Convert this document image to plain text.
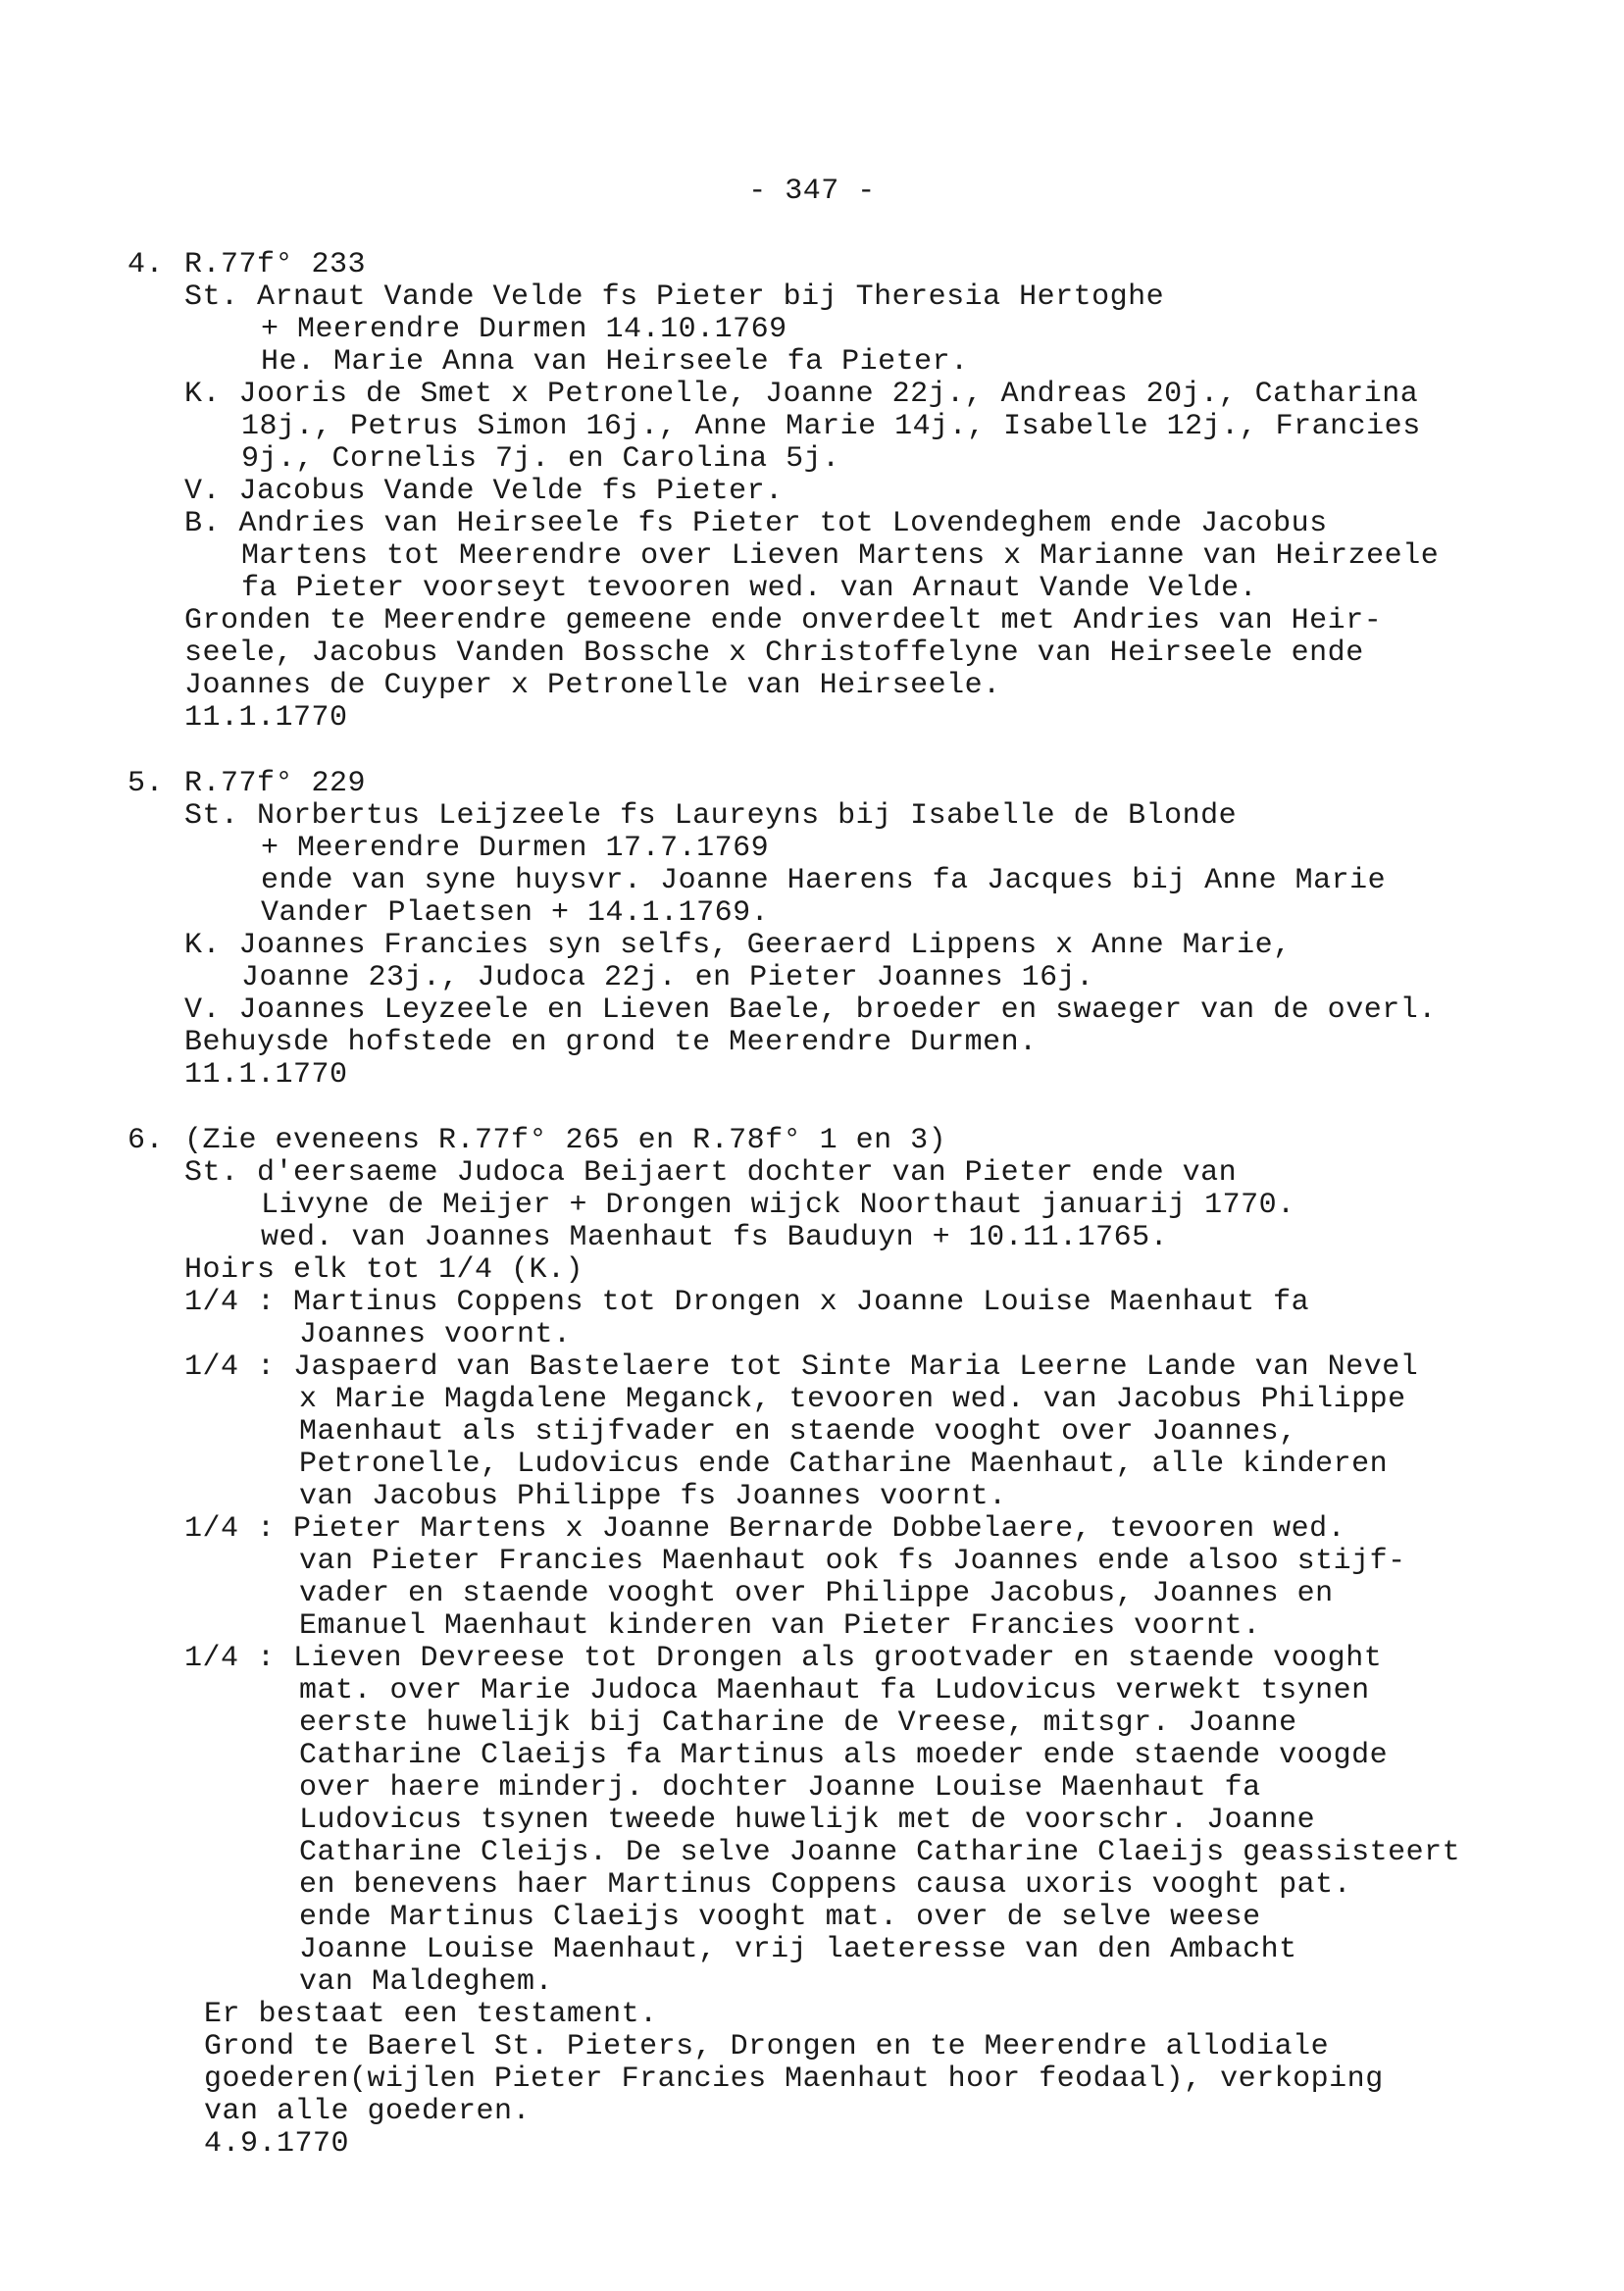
- 347 -
4. R.77f° 233
St. Arnaut Vande Velde fs Pieter bij Theresia Hertoghe
+ Meerendre Durmen 14.10.1769
He. Marie Anna van Heirseele fa Pieter.
K. Jooris de Smet x Petronelle, Joanne 22j., Andreas 20j., Catharina
18j., Petrus Simon 16j., Anne Marie 14j., Isabelle 12j., Francies
9j., Cornelis 7j. en Carolina 5j.
V. Jacobus Vande Velde fs Pieter.
B. Andries van Heirseele fs Pieter tot Lovendeghem ende Jacobus
Martens tot Meerendre over Lieven Martens x Marianne van Heirzeele
fa Pieter voorseyt tevooren wed. van Arnaut Vande Velde.
Gronden te Meerendre gemeene ende onverdeelt met Andries van Heir-
seele, Jacobus Vanden Bossche x Christoffelyne van Heirseele ende
Joannes de Cuyper x Petronelle van Heirseele.
11.1.1770
5. R.77f° 229
St. Norbertus Leijzeele fs Laureyns bij Isabelle de Blonde
+ Meerendre Durmen 17.7.1769
ende van syne huysvr. Joanne Haerens fa Jacques bij Anne Marie
Vander Plaetsen + 14.1.1769.
K. Joannes Francies syn selfs, Geeraerd Lippens x Anne Marie,
Joanne 23j., Judoca 22j. en Pieter Joannes 16j.
V. Joannes Leyzeele en Lieven Baele, broeder en swaeger van de overl.
Behuysde hofstede en grond te Meerendre Durmen.
11.1.1770
6. (Zie eveneens R.77f° 265 en R.78f° 1 en 3)
St. d'eersaeme Judoca Beijaert dochter van Pieter ende van
Livyne de Meijer + Drongen wijck Noorthaut januarij 1770.
wed. van Joannes Maenhaut fs Bauduyn + 10.11.1765.
Hoirs elk tot 1/4 (K.)
1/4 : Martinus Coppens tot Drongen x Joanne Louise Maenhaut fa
Joannes voornt.
1/4 : Jaspaerd van Bastelaere tot Sinte Maria Leerne Lande van Nevel
x Marie Magdalene Meganck, tevooren wed. van Jacobus Philippe
Maenhaut als stijfvader en staende vooght over Joannes,
Petronelle, Ludovicus ende Catharine Maenhaut, alle kinderen
van Jacobus Philippe fs Joannes voornt.
1/4 : Pieter Martens x Joanne Bernarde Dobbelaere, tevooren wed.
van Pieter Francies Maenhaut ook fs Joannes ende alsoo stijf-
vader en staende vooght over Philippe Jacobus, Joannes en
Emanuel Maenhaut kinderen van Pieter Francies voornt.
1/4 : Lieven Devreese tot Drongen als grootvader en staende vooght
mat. over Marie Judoca Maenhaut fa Ludovicus verwekt tsynen
eerste huwelijk bij Catharine de Vreese, mitsgr. Joanne
Catharine Claeijs fa Martinus als moeder ende staende voogde
over haere minderj. dochter Joanne Louise Maenhaut fa
Ludovicus tsynen tweede huwelijk met de voorschr. Joanne
Catharine Cleijs. De selve Joanne Catharine Claeijs geassisteert
en benevens haer Martinus Coppens causa uxoris vooght pat.
ende Martinus Claeijs vooght mat. over de selve weese
Joanne Louise Maenhaut, vrij laeteresse van den Ambacht
van Maldeghem.
Er bestaat een testament.
Grond te Baerel St. Pieters, Drongen en te Meerendre allodiale
goederen(wijlen Pieter Francies Maenhaut hoor feodaal), verkoping
van alle goederen.
4.9.1770
